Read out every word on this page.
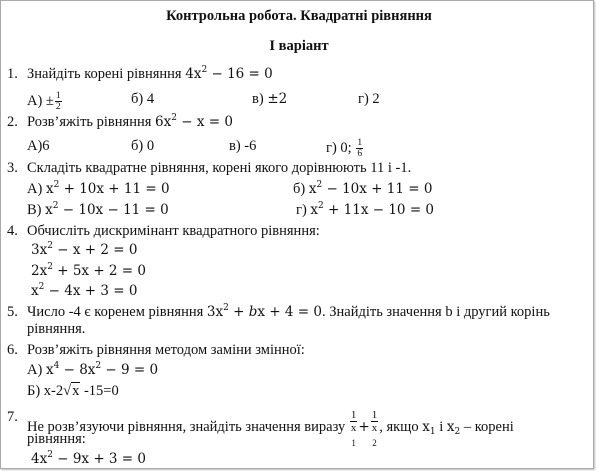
Контрольна робота. Квадратні рівняння
І варіант
1. Знайдіть корені рівняння $4x^2 - 16 = 0$
$А) \pm \frac{1}{2}$	б) 4	в) ±2	г) 2
2. Розв’яжіть рівняння $6x^2 - x = 0$
А)6	б) 0	в) -6	г) 0; $\frac{1}{6}$
3. Складіть квадратне рівняння, корені якого дорівнюють 11 і -1.
А) $x^2 + 10x + 11 = 0$	б) $x^2 - 10x + 11 = 0$
В) $x^2 - 10x - 11 = 0$	г) $x^2 + 11x - 10 = 0$
4. Обчисліть дискримінант квадратного рівняння:
$3x^2 - x + 2 = 0$
$2x^2 + 5x + 2 = 0$
$x^2 - 4x + 3 = 0$
5. Число -4 є коренем рівняння $3x^2$ + bx + 4 = 0. Знайдіть значення b і другий корінь
рівняння.
6. Розв’яжіть рівняння методом заміни змінної:
А) $x^4 - 8x^2 - 9 = 0$
Б) x-2√x -15=0
7.
Не розв’язуючи рівняння, знайдіть значення виразу 1
x
$_1$ + 1
x
$_2$ , якщо $x_1$ і $x_2$ – корені
рівняння:
$4x^2 - 9x + 3 = 0$
